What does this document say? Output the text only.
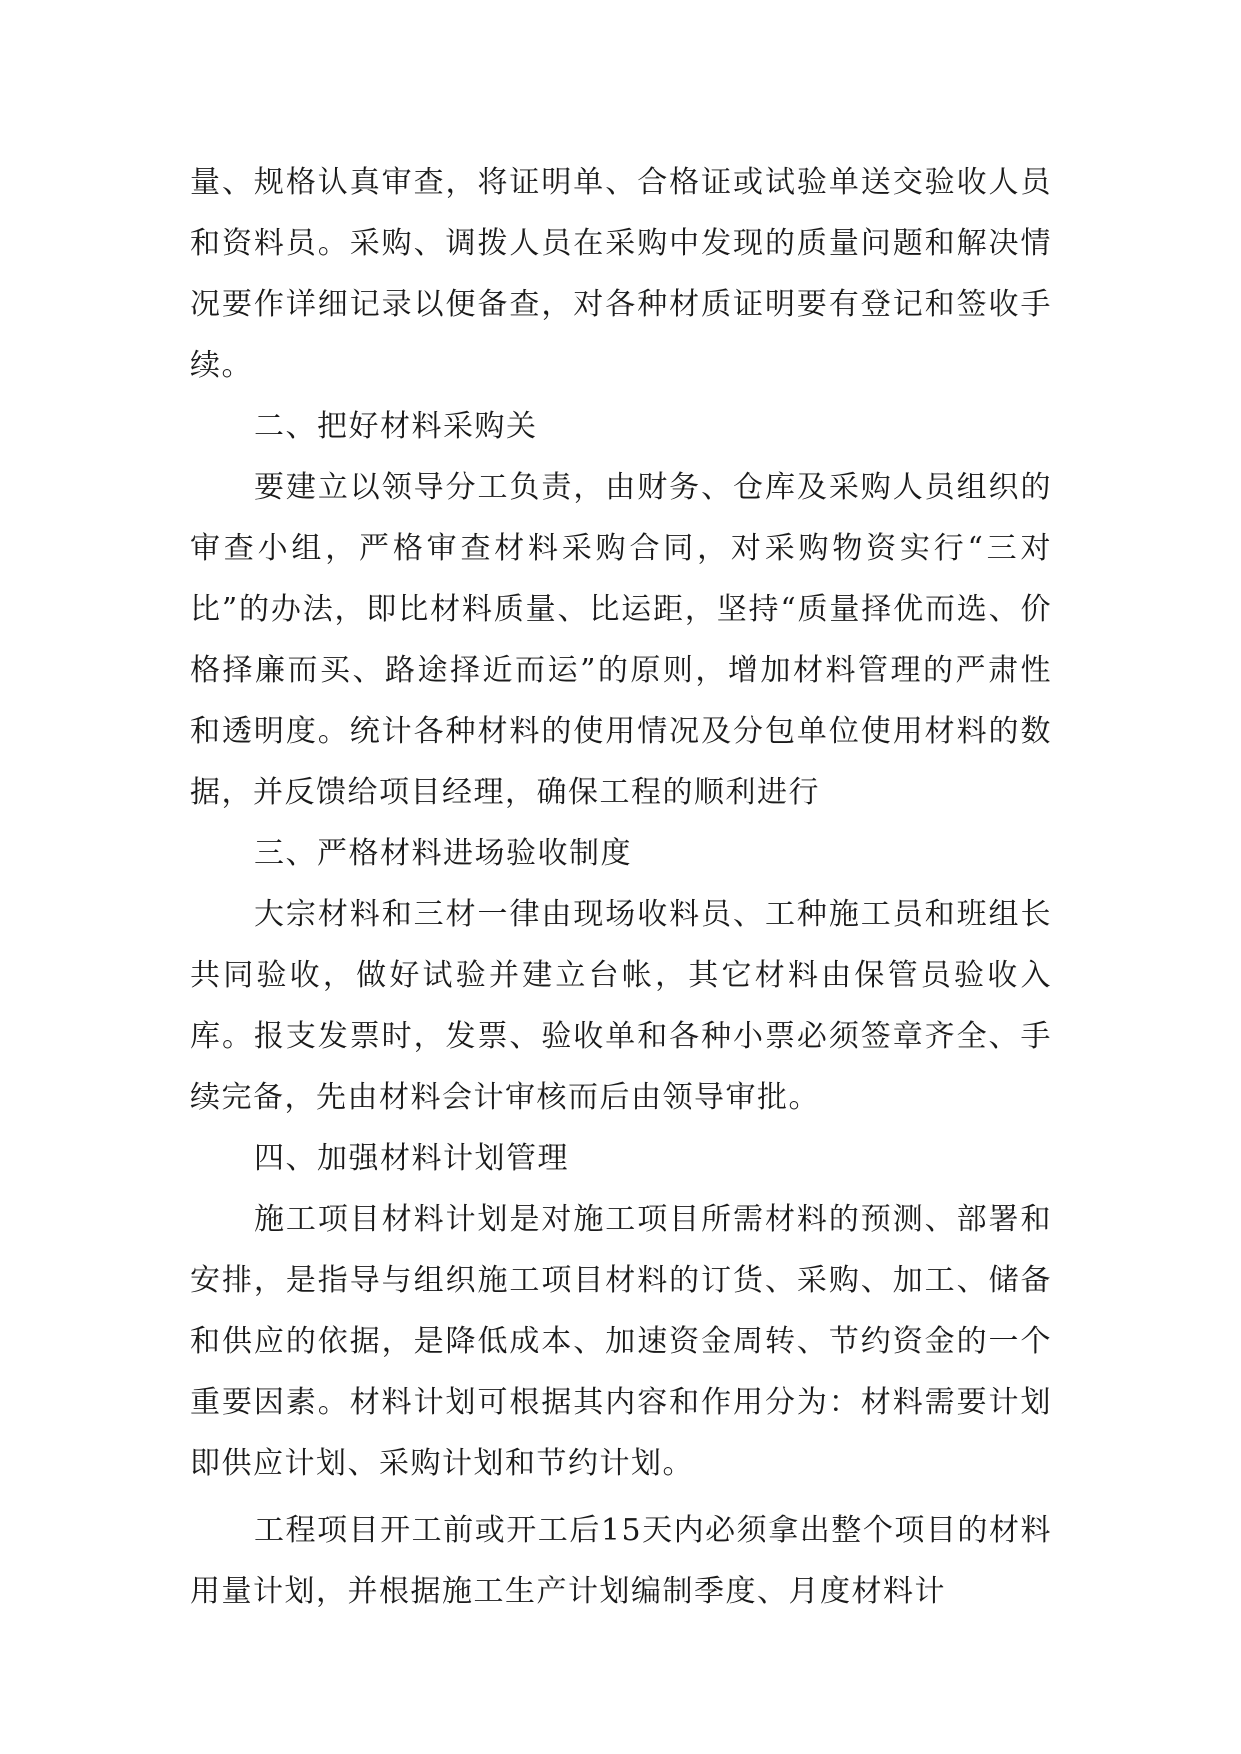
量、规格认真审查，将证明单、合格证或试验单送交验收人员和资料员。采购、调拨人员在采购中发现的质量问题和解决情况要作详细记录以便备查，对各种材质证明要有登记和签收手续。

二、把好材料采购关

要建立以领导分工负责，由财务、仓库及采购人员组织的审查小组，严格审查材料采购合同，对采购物资实行“三对比”的办法，即比材料质量、比运距，坚持“质量择优而选、价格择廉而买、路途择近而运”的原则，增加材料管理的严肃性和透明度。统计各种材料的使用情况及分包单位使用材料的数据，并反馈给项目经理，确保工程的顺利进行

三、严格材料进场验收制度

大宗材料和三材一律由现场收料员、工种施工员和班组长共同验收，做好试验并建立台帐，其它材料由保管员验收入库。报支发票时，发票、验收单和各种小票必须签章齐全、手续完备，先由材料会计审核而后由领导审批。

四、加强材料计划管理

施工项目材料计划是对施工项目所需材料的预测、部署和安排，是指导与组织施工项目材料的订货、采购、加工、储备和供应的依据，是降低成本、加速资金周转、节约资金的一个重要因素。材料计划可根据其内容和作用分为：材料需要计划即供应计划、采购计划和节约计划。

工程项目开工前或开工后15天内必须拿出整个项目的材料用量计划，并根据施工生产计划编制季度、月度材料计
